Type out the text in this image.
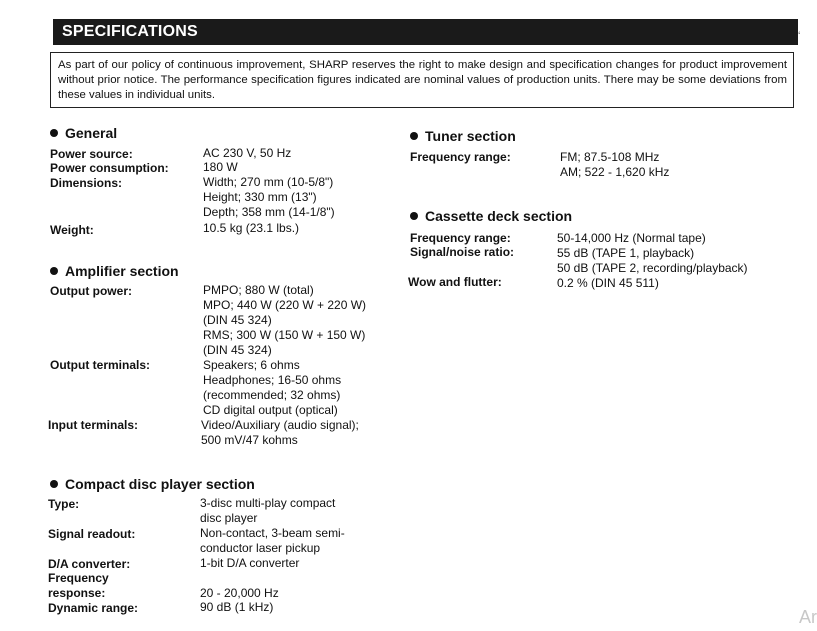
SPECIFICATIONS
As part of our policy of continuous improvement, SHARP reserves the right to make design and specification changes for product improvement without prior notice. The performance specification figures indicated are nominal values of production units. There may be some deviations from these values in individual units.
‘
General
Power source:	AC 230 V, 50 Hz
Power consumption:	180 W
Dimensions:	Width; 270 mm (10-5/8")
Height; 330 mm (13")
Depth; 358 mm (14-1/8")
Weight:	10.5 kg (23.1 lbs.)
Amplifier section
Output power:	PMPO; 880 W (total)
MPO; 440 W (220 W + 220 W)
(DIN 45 324)
RMS; 300 W (150 W + 150 W)
(DIN 45 324)
Output terminals:	Speakers; 6 ohms
Headphones; 16-50 ohms
(recommended; 32 ohms)
CD digital output (optical)
Input terminals:	Video/Auxiliary (audio signal);
500 mV/47 kohms
Compact disc player section
Type:	3-disc multi-play compact
disc player
Signal readout:	Non-contact, 3-beam semi-
conductor laser pickup
D/A converter:	1-bit D/A converter
Frequency
response:	20 - 20,000 Hz
Dynamic range:	90 dB (1 kHz)
Tuner section
Frequency range:	FM; 87.5-108 MHz
AM; 522 - 1,620 kHz
Cassette deck section
Frequency range:	50-14,000 Hz (Normal tape)
Signal/noise ratio:	55 dB (TAPE 1, playback)
50 dB (TAPE 2, recording/playback)
Wow and flutter:	0.2 % (DIN 45 511)
Ar
